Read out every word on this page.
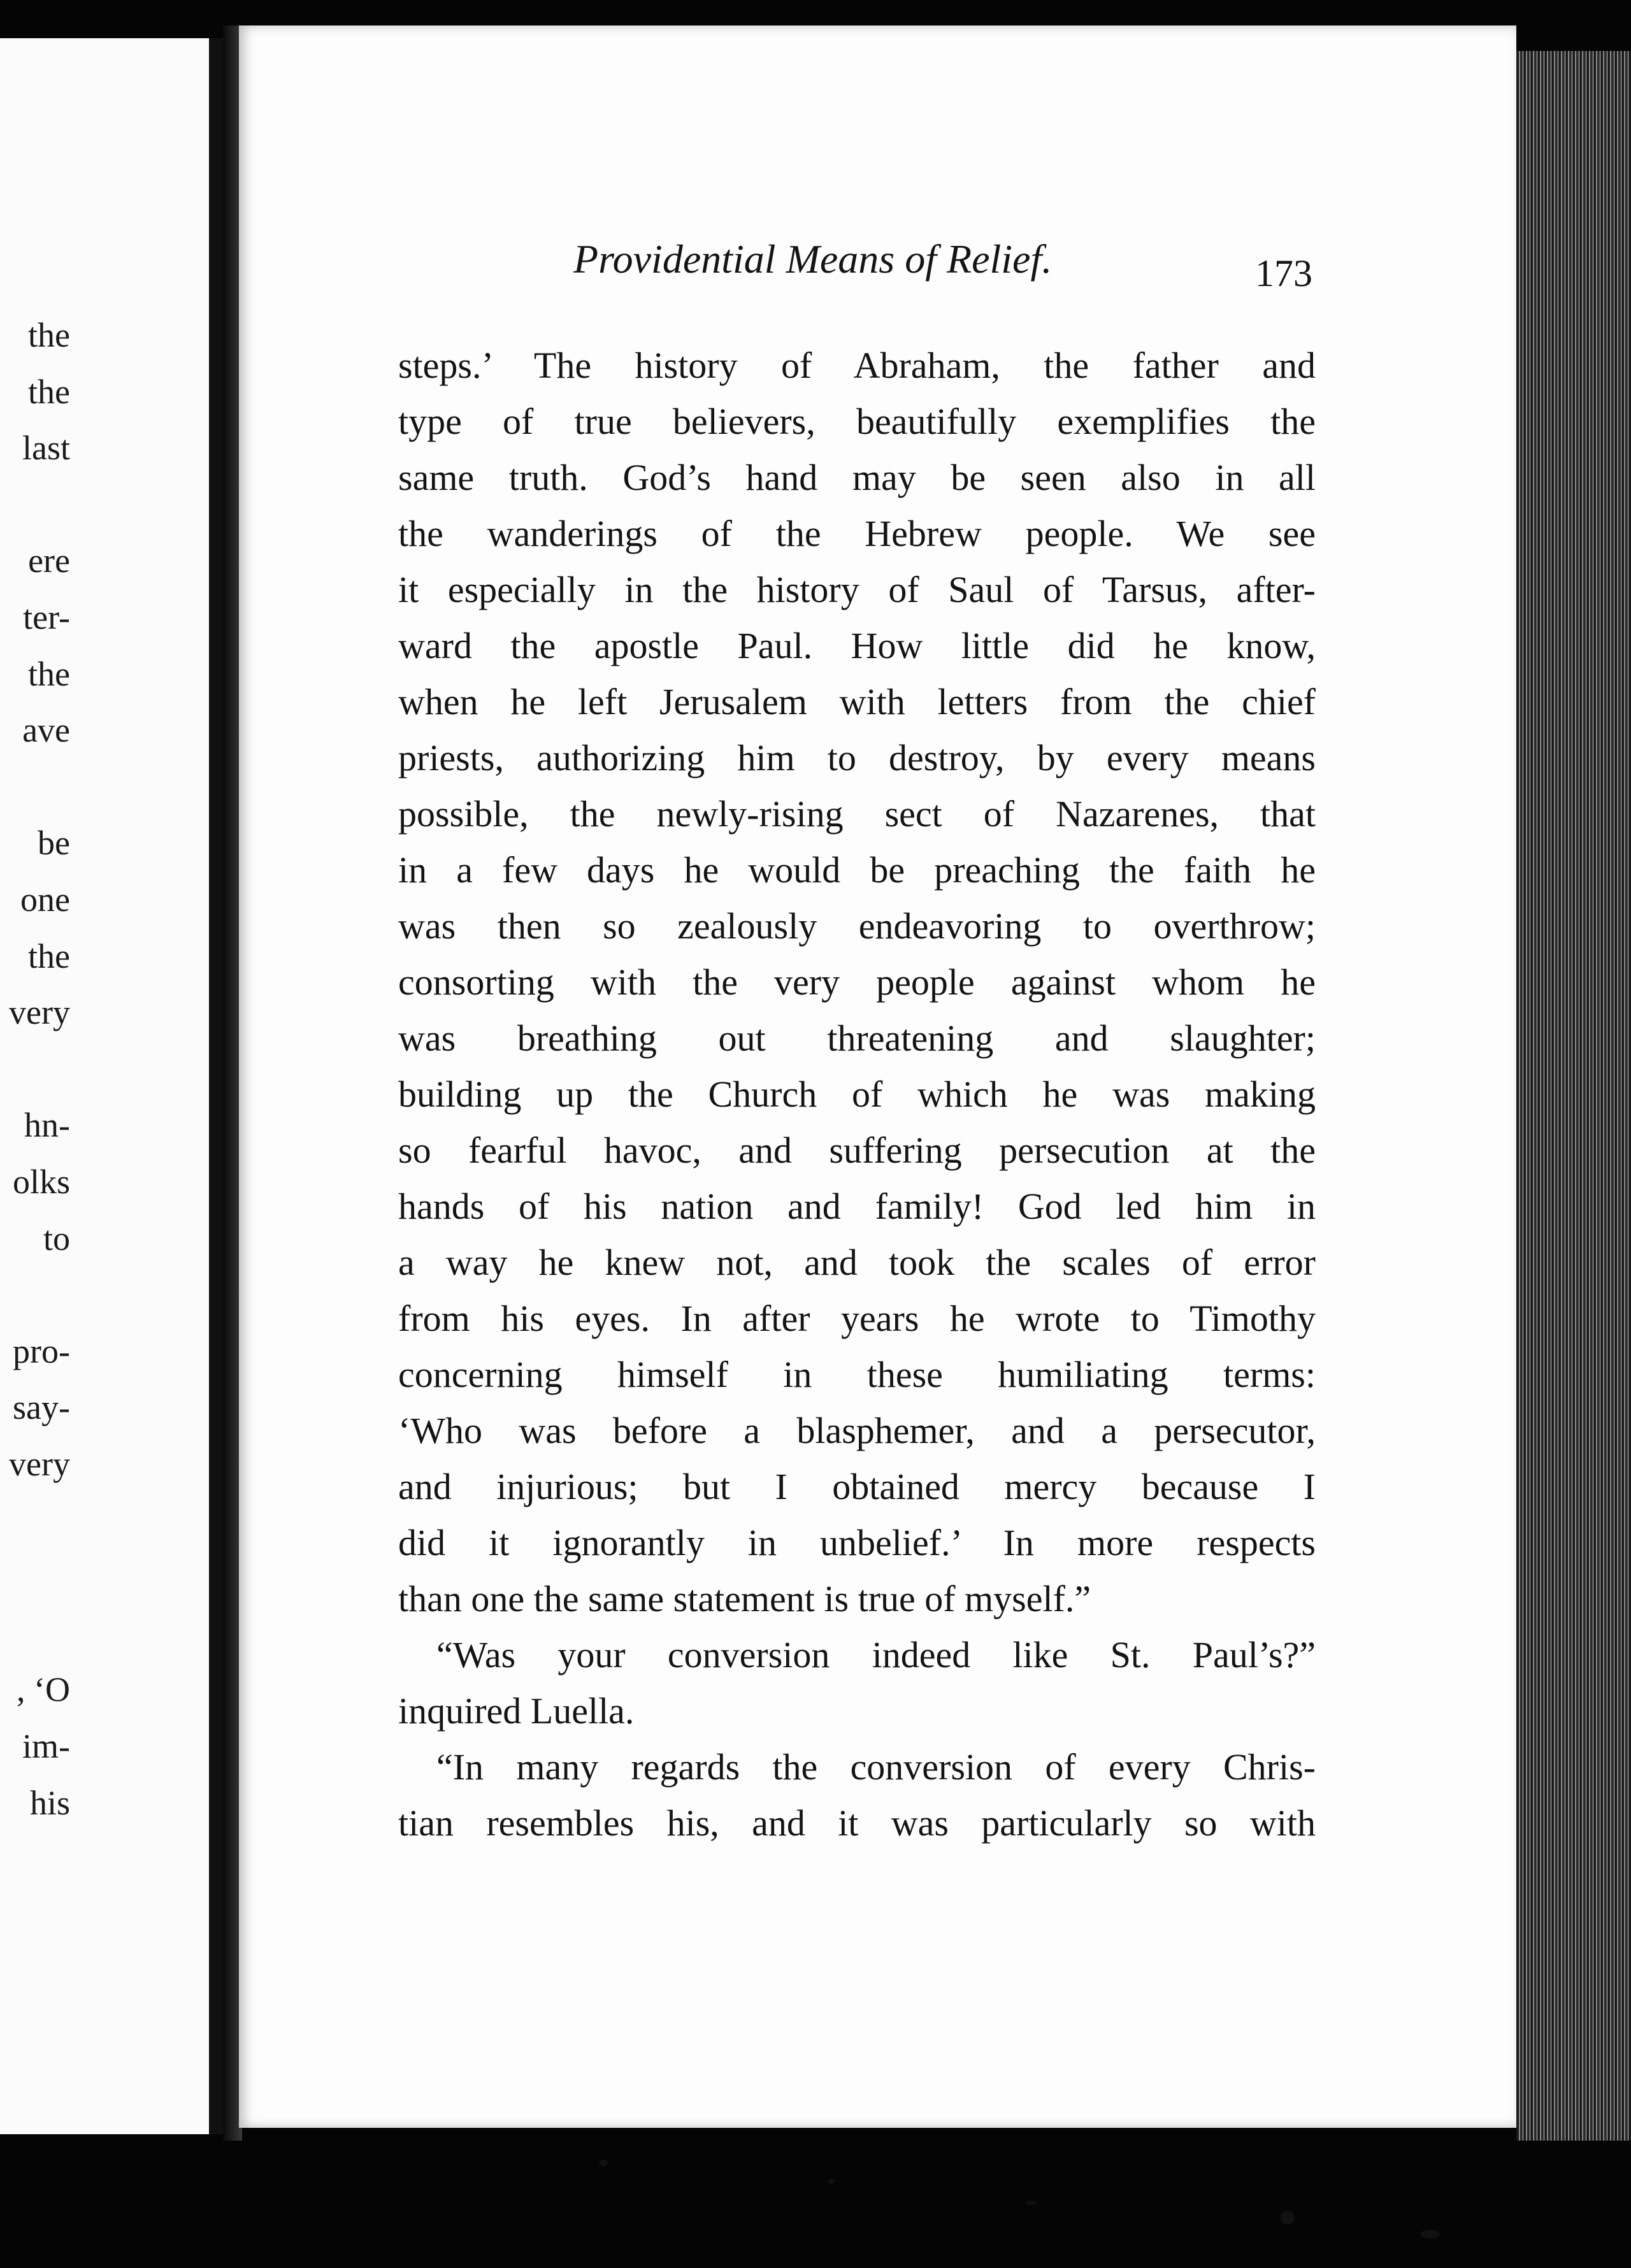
the
the
last
ere
ter-
the
ave
be
one
the
very
hn-
olks
to
pro-
say-
very
, ‘O
im-
his
Providential Means of Relief.	173
steps.’ The history of Abraham, the father and
type of true believers, beautifully exemplifies the
same truth. God’s hand may be seen also in all
the wanderings of the Hebrew people. We see
it especially in the history of Saul of Tarsus, after-
ward the apostle Paul. How little did he know,
when he left Jerusalem with letters from the chief
priests, authorizing him to destroy, by every means
possible, the newly-rising sect of Nazarenes, that
in a few days he would be preaching the faith he
was then so zealously endeavoring to overthrow;
consorting with the very people against whom he
was breathing out threatening and slaughter;
building up the Church of which he was making
so fearful havoc, and suffering persecution at the
hands of his nation and family! God led him in
a way he knew not, and took the scales of error
from his eyes. In after years he wrote to Timothy
concerning himself in these humiliating terms:
‘Who was before a blasphemer, and a persecutor,
and injurious; but I obtained mercy because I
did it ignorantly in unbelief.’ In more respects
than one the same statement is true of myself.”
“Was your conversion indeed like St. Paul’s?”
inquired Luella.
“In many regards the conversion of every Chris-
tian resembles his, and it was particularly so with
